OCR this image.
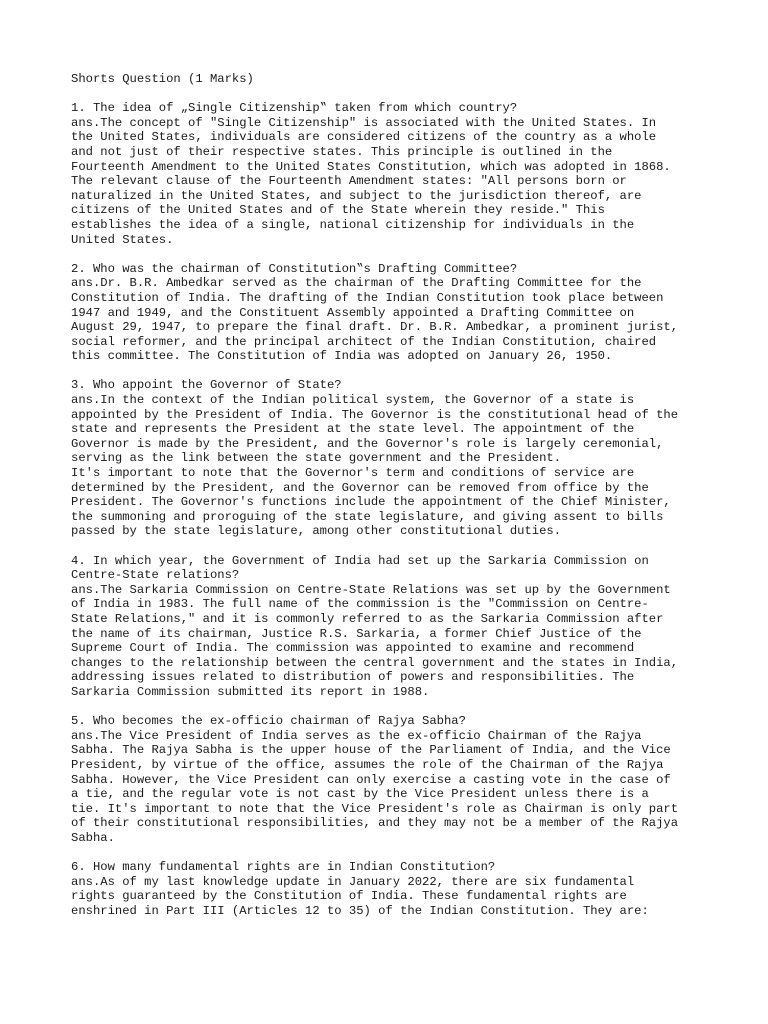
Shorts Question (1 Marks)
1. The idea of „Single Citizenship‟ taken from which country?
ans.The concept of "Single Citizenship" is associated with the United States. In
the United States, individuals are considered citizens of the country as a whole
and not just of their respective states. This principle is outlined in the
Fourteenth Amendment to the United States Constitution, which was adopted in 1868.
The relevant clause of the Fourteenth Amendment states: "All persons born or
naturalized in the United States, and subject to the jurisdiction thereof, are
citizens of the United States and of the State wherein they reside." This
establishes the idea of a single, national citizenship for individuals in the
United States.
2. Who was the chairman of Constitution‟s Drafting Committee?
ans.Dr. B.R. Ambedkar served as the chairman of the Drafting Committee for the
Constitution of India. The drafting of the Indian Constitution took place between
1947 and 1949, and the Constituent Assembly appointed a Drafting Committee on
August 29, 1947, to prepare the final draft. Dr. B.R. Ambedkar, a prominent jurist,
social reformer, and the principal architect of the Indian Constitution, chaired
this committee. The Constitution of India was adopted on January 26, 1950.
3. Who appoint the Governor of State?
ans.In the context of the Indian political system, the Governor of a state is
appointed by the President of India. The Governor is the constitutional head of the
state and represents the President at the state level. The appointment of the
Governor is made by the President, and the Governor's role is largely ceremonial,
serving as the link between the state government and the President.
It's important to note that the Governor's term and conditions of service are
determined by the President, and the Governor can be removed from office by the
President. The Governor's functions include the appointment of the Chief Minister,
the summoning and proroguing of the state legislature, and giving assent to bills
passed by the state legislature, among other constitutional duties.
4. In which year, the Government of India had set up the Sarkaria Commission on
Centre-State relations?
ans.The Sarkaria Commission on Centre-State Relations was set up by the Government
of India in 1983. The full name of the commission is the "Commission on Centre-
State Relations," and it is commonly referred to as the Sarkaria Commission after
the name of its chairman, Justice R.S. Sarkaria, a former Chief Justice of the
Supreme Court of India. The commission was appointed to examine and recommend
changes to the relationship between the central government and the states in India,
addressing issues related to distribution of powers and responsibilities. The
Sarkaria Commission submitted its report in 1988.
5. Who becomes the ex-officio chairman of Rajya Sabha?
ans.The Vice President of India serves as the ex-officio Chairman of the Rajya
Sabha. The Rajya Sabha is the upper house of the Parliament of India, and the Vice
President, by virtue of the office, assumes the role of the Chairman of the Rajya
Sabha. However, the Vice President can only exercise a casting vote in the case of
a tie, and the regular vote is not cast by the Vice President unless there is a
tie. It's important to note that the Vice President's role as Chairman is only part
of their constitutional responsibilities, and they may not be a member of the Rajya
Sabha.
6. How many fundamental rights are in Indian Constitution?
ans.As of my last knowledge update in January 2022, there are six fundamental
rights guaranteed by the Constitution of India. These fundamental rights are
enshrined in Part III (Articles 12 to 35) of the Indian Constitution. They are:
